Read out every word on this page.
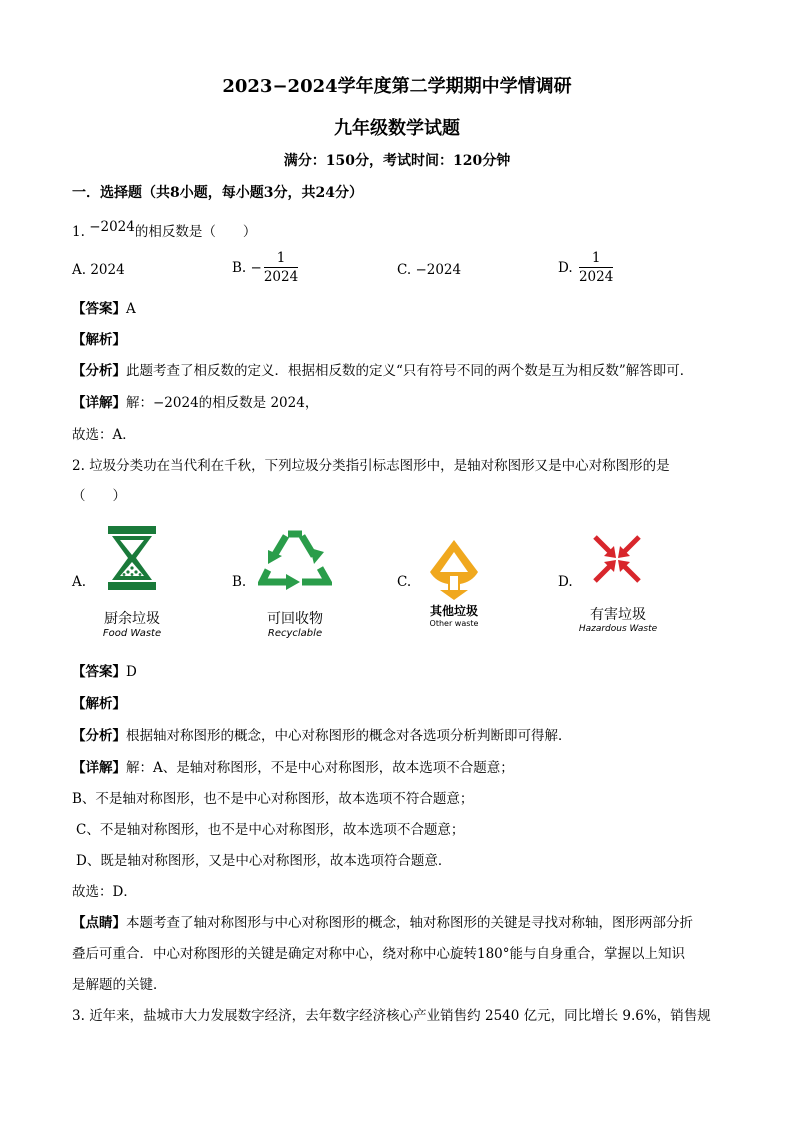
2023−2024学年度第二学期期中学情调研
九年级数学试题
满分：150分，考试时间：120分钟
一．选择题（共8小题，每小题3分，共24分）
1. −2024的相反数是（　　）
A. 2024	B. − $\frac{1}{2024}$	C. −2024	D. $\frac{1}{2024}$
【答案】A
【解析】
【分析】此题考查了相反数的定义．根据相反数的定义“只有符号不同的两个数是互为相反数”解答即可．
【详解】解：−2024的相反数是 2024，
故选：A．
2. 垃圾分类功在当代利在千秋，下列垃圾分类指引标志图形中，是轴对称图形又是中心对称图形的是
（　　）
A.
厨余垃圾
Food Waste
B.
可回收物
Recyclable
C.
其他垃圾
Other waste
D.
有害垃圾
Hazardous Waste
【答案】D
【解析】
【分析】根据轴对称图形的概念，中心对称图形的概念对各选项分析判断即可得解．
【详解】解：A、是轴对称图形，不是中心对称图形，故本选项不合题意；
B、不是轴对称图形，也不是中心对称图形，故本选项不符合题意；
C、不是轴对称图形，也不是中心对称图形，故本选项不合题意；
D、既是轴对称图形，又是中心对称图形，故本选项符合题意．
故选：D．
【点睛】本题考查了轴对称图形与中心对称图形的概念，轴对称图形的关键是寻找对称轴，图形两部分折
叠后可重合．中心对称图形的关键是确定对称中心，绕对称中心旋转180°能与自身重合，掌握以上知识
是解题的关键．
3. 近年来，盐城市大力发展数字经济，去年数字经济核心产业销售约 2540 亿元，同比增长 9.6%，销售规
